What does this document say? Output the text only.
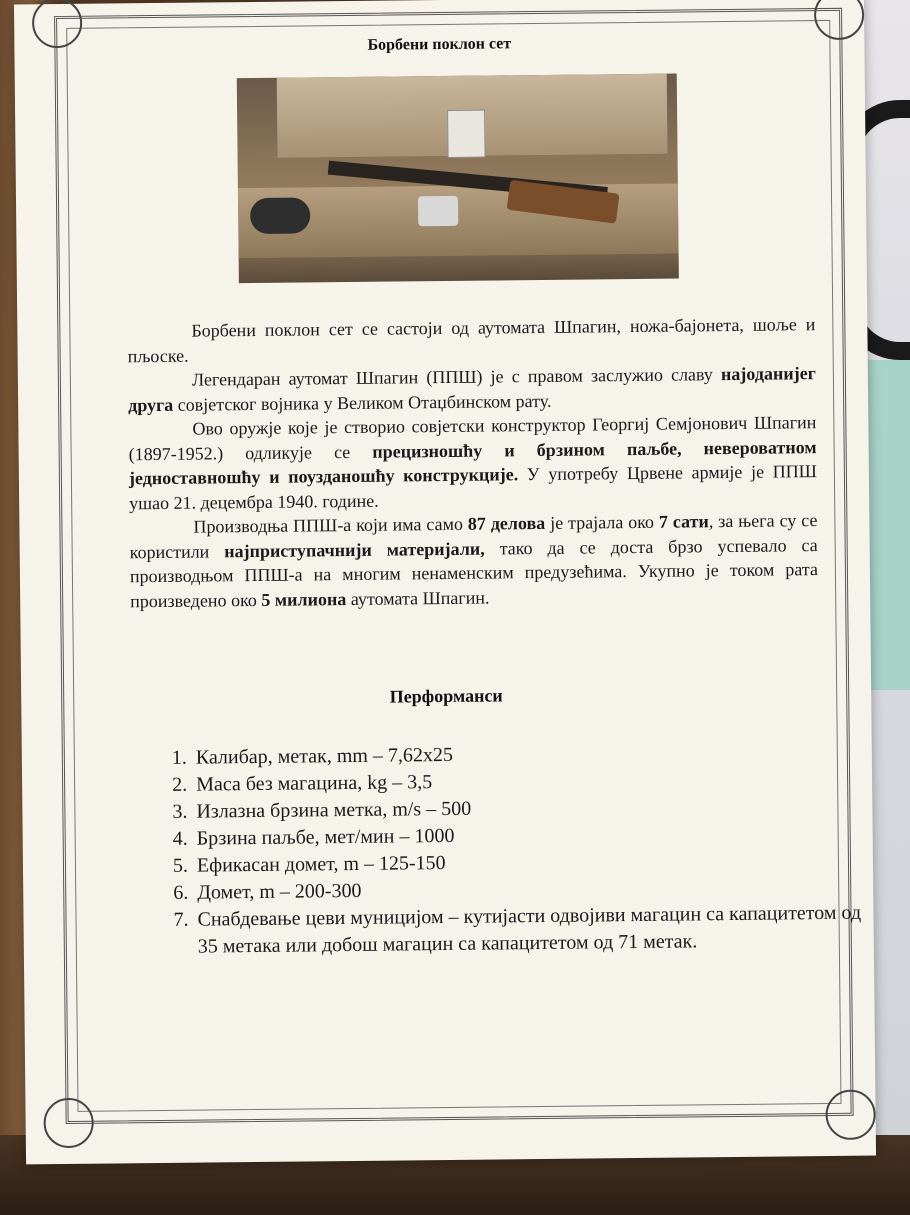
Борбени поклон сет

Борбени поклон сет се састоји од аутомата Шпагин, ножа-бајонета, шоље и пљоске.

Легендаран аутомат Шпагин (ППШ) је с правом заслужио славу најоданијег друга совјетског војника у Великом Отаџбинском рату.

Ово оружје које је створио совјетски конструктор Георгиј Семјонович Шпагин (1897-1952.) одликује се прецизношћу и брзином паљбе, невероватном једноставношћу и поузданошћу конструкције. У употребу Црвене армије је ППШ ушао 21. децембра 1940. године.

Производња ППШ-а који има само 87 делова је трајала око 7 сати, за њега су се користили најприступачнији материјали, тако да се доста брзо успевало са производњом ППШ-а на многим ненаменским предузећима. Укупно је током рата произведено око 5 милиона аутомата Шпагин.

Перформанси
1. Калибар, метак, mm – 7,62x25
2. Маса без магацина, kg – 3,5
3. Излазна брзина метка, m/s – 500
4. Брзина паљбе, мет/мин – 1000
5. Ефикасан домет, m – 125-150
6. Домет, m – 200-300
7. Снабдевање цеви муницијом – кутијасти одвојиви магацин са капацитетом од 35 метака или добош магацин са капацитетом од 71 метак.
